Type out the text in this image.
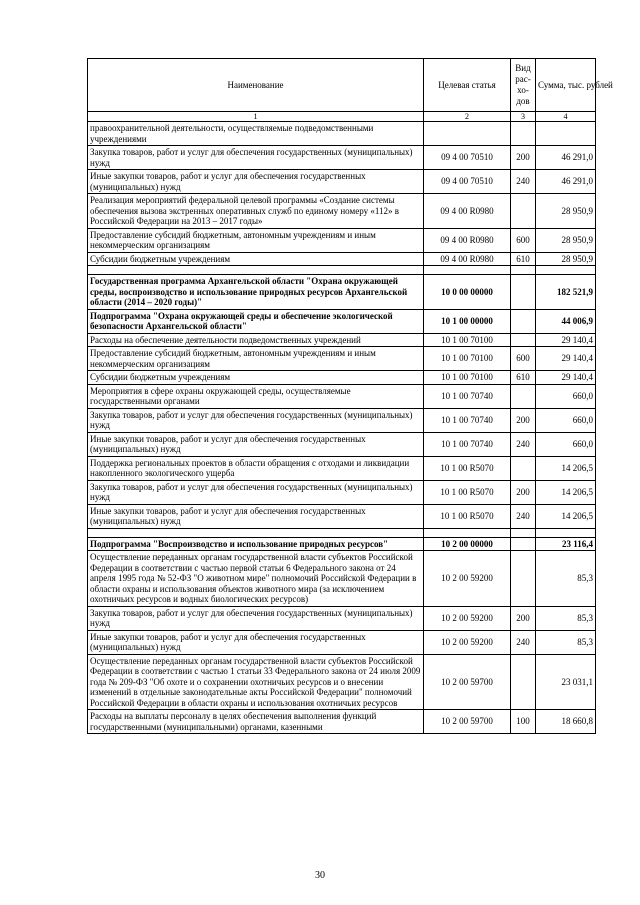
Наименование	Целевая статья	Вид рас-хо-дов	Сумма, тыс. рублей
1	2	3	4
правоохранительной деятельности, осуществляемые подведомственными учреждениями			
Закупка товаров, работ и услуг для обеспечения государственных (муниципальных) нужд	09 4 00 70510	200	46 291,0
Иные закупки товаров, работ и услуг для обеспечения государственных (муниципальных) нужд	09 4 00 70510	240	46 291,0
Реализация мероприятий федеральной целевой программы «Создание системы обеспечения вызова экстренных оперативных служб по единому номеру «112» в Российской Федерации на 2013 – 2017 годы»	09 4 00 R0980		28 950,9
Предоставление субсидий бюджетным, автономным учреждениям и иным некоммерческим организациям	09 4 00 R0980	600	28 950,9
Субсидии бюджетным учреждениям	09 4 00 R0980	610	28 950,9

Государственная программа Архангельской области "Охрана окружающей среды, воспроизводство и использование природных ресурсов Архангельской области (2014 – 2020 годы)"	10 0 00 00000		182 521,9
Подпрограмма "Охрана окружающей среды и обеспечение экологической безопасности Архангельской области"	10 1 00 00000		44 006,9
Расходы на обеспечение деятельности подведомственных учреждений	10 1 00 70100		29 140,4
Предоставление субсидий бюджетным, автономным учреждениям и иным некоммерческим организациям	10 1 00 70100	600	29 140,4
Субсидии бюджетным учреждениям	10 1 00 70100	610	29 140,4
Мероприятия в сфере охраны окружающей среды, осуществляемые государственными органами	10 1 00 70740		660,0
Закупка товаров, работ и услуг для обеспечения государственных (муниципальных) нужд	10 1 00 70740	200	660,0
Иные закупки товаров, работ и услуг для обеспечения государственных (муниципальных) нужд	10 1 00 70740	240	660,0
Поддержка региональных проектов в области обращения с отходами и ликвидации накопленного экологического ущерба	10 1 00 R5070		14 206,5
Закупка товаров, работ и услуг для обеспечения государственных (муниципальных) нужд	10 1 00 R5070	200	14 206,5
Иные закупки товаров, работ и услуг для обеспечения государственных (муниципальных) нужд	10 1 00 R5070	240	14 206,5

Подпрограмма "Воспроизводство и использование природных ресурсов"	10 2 00 00000		23 116,4
Осуществление переданных органам государственной власти субъектов Российской Федерации в соответствии с частью первой статьи 6 Федерального закона от 24 апреля 1995 года № 52-ФЗ "О животном мире" полномочий Российской Федерации в области охраны и использования объектов животного мира (за исключением охотничьих ресурсов и водных биологических ресурсов)	10 2 00 59200		85,3
Закупка товаров, работ и услуг для обеспечения государственных (муниципальных) нужд	10 2 00 59200	200	85,3
Иные закупки товаров, работ и услуг для обеспечения государственных (муниципальных) нужд	10 2 00 59200	240	85,3
Осуществление переданных органам государственной власти субъектов Российской Федерации в соответствии с частью 1 статьи 33 Федерального закона от 24 июля 2009 года № 209-ФЗ "Об охоте и о сохранении охотничьих ресурсов и о внесении изменений в отдельные законодательные акты Российской Федерации" полномочий Российской Федерации в области охраны и использования охотничьих ресурсов	10 2 00 59700		23 031,1
Расходы на выплаты персоналу в целях обеспечения выполнения функций государственными (муниципальными) органами, казенными	10 2 00 59700	100	18 660,8
30
